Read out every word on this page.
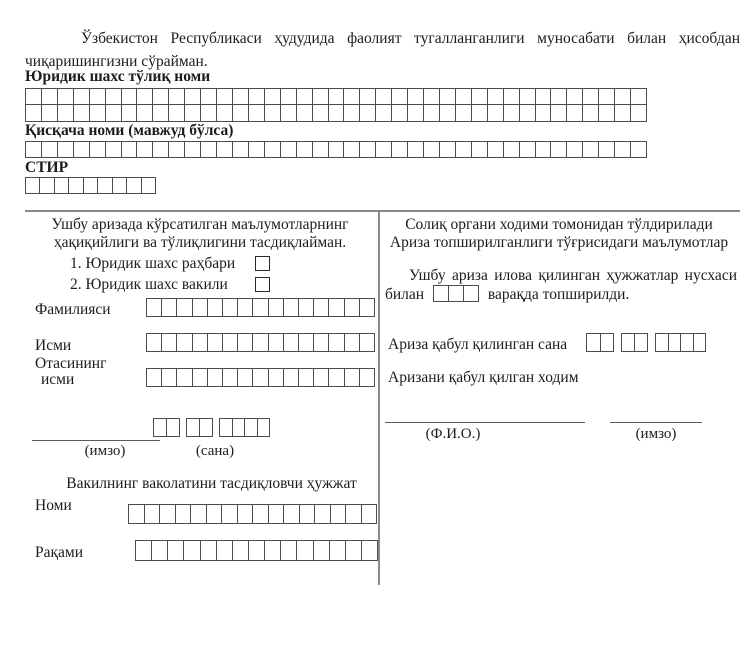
Ўзбекистон Республикаси ҳудудида фаолият тугалланганлиги муносабати билан ҳисобдан чиқаришингизни сўрайман.
Юридик шахс тўлиқ номи
Қисқача номи (мавжуд бўлса)
СТИР
Ушбу аризада кўрсатилган маълумотларнинг
ҳақиқийлиги ва тўлиқлигини тасдиқлайман.
1. Юридик шахс раҳбари
2. Юридик шахс вакили
Фамилияси
Исми
Отасининг
исми
(имзо)	(сана)
Вакилнинг ваколатини тасдиқловчи ҳужжат
Номи
Рақами
Солиқ органи ходими томонидан тўлдирилади
Ариза топширилганлиги тўғрисидаги маълумотлар
Ушбу ариза илова қилинган ҳужжатлар нусхаси билан	варақда топширилди.
Ариза қабул қилинган сана
Аризани қабул қилган ходим
(Ф.И.О.)	(имзо)
